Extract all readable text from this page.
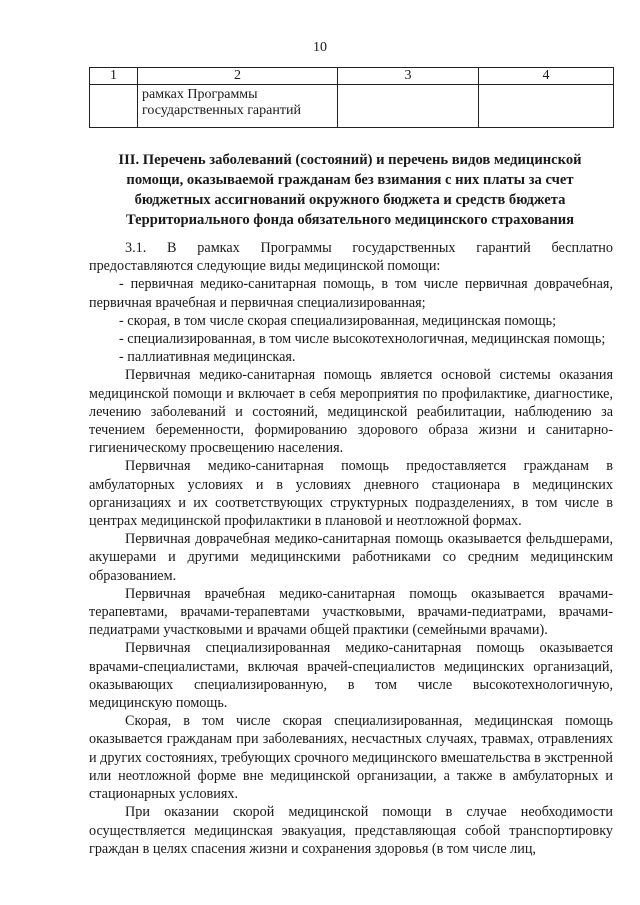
10
1	2	3	4
	рамках Программы государственных гарантий		
III. Перечень заболеваний (состояний) и перечень видов медицинской помощи, оказываемой гражданам без взимания с них платы за счет бюджетных ассигнований окружного бюджета и средств бюджета Территориального фонда обязательного медицинского страхования

3.1. В рамках Программы государственных гарантий бесплатно предоставляются следующие виды медицинской помощи:

- первичная медико-санитарная помощь, в том числе первичная доврачебная, первичная врачебная и первичная специализированная;

- скорая, в том числе скорая специализированная, медицинская помощь;

- специализированная, в том числе высокотехнологичная, медицинская помощь;

- паллиативная медицинская.

Первичная медико-санитарная помощь является основой системы оказания медицинской помощи и включает в себя мероприятия по профилактике, диагностике, лечению заболеваний и состояний, медицинской реабилитации, наблюдению за течением беременности, формированию здорового образа жизни и санитарно-гигиеническому просвещению населения.

Первичная медико-санитарная помощь предоставляется гражданам в амбулаторных условиях и в условиях дневного стационара в медицинских организациях и их соответствующих структурных подразделениях, в том числе в центрах медицинской профилактики в плановой и неотложной формах.

Первичная доврачебная медико-санитарная помощь оказывается фельдшерами, акушерами и другими медицинскими работниками со средним медицинским образованием.

Первичная врачебная медико-санитарная помощь оказывается врачами-терапевтами, врачами-терапевтами участковыми, врачами-педиатрами, врачами-педиатрами участковыми и врачами общей практики (семейными врачами).

Первичная специализированная медико-санитарная помощь оказывается врачами-специалистами, включая врачей-специалистов медицинских организаций, оказывающих специализированную, в том числе высокотехнологичную, медицинскую помощь.

Скорая, в том числе скорая специализированная, медицинская помощь оказывается гражданам при заболеваниях, несчастных случаях, травмах, отравлениях и других состояниях, требующих срочного медицинского вмешательства в экстренной или неотложной форме вне медицинской организации, а также в амбулаторных и стационарных условиях.

При оказании скорой медицинской помощи в случае необходимости осуществляется медицинская эвакуация, представляющая собой транспортировку граждан в целях спасения жизни и сохранения здоровья (в том числе лиц,
